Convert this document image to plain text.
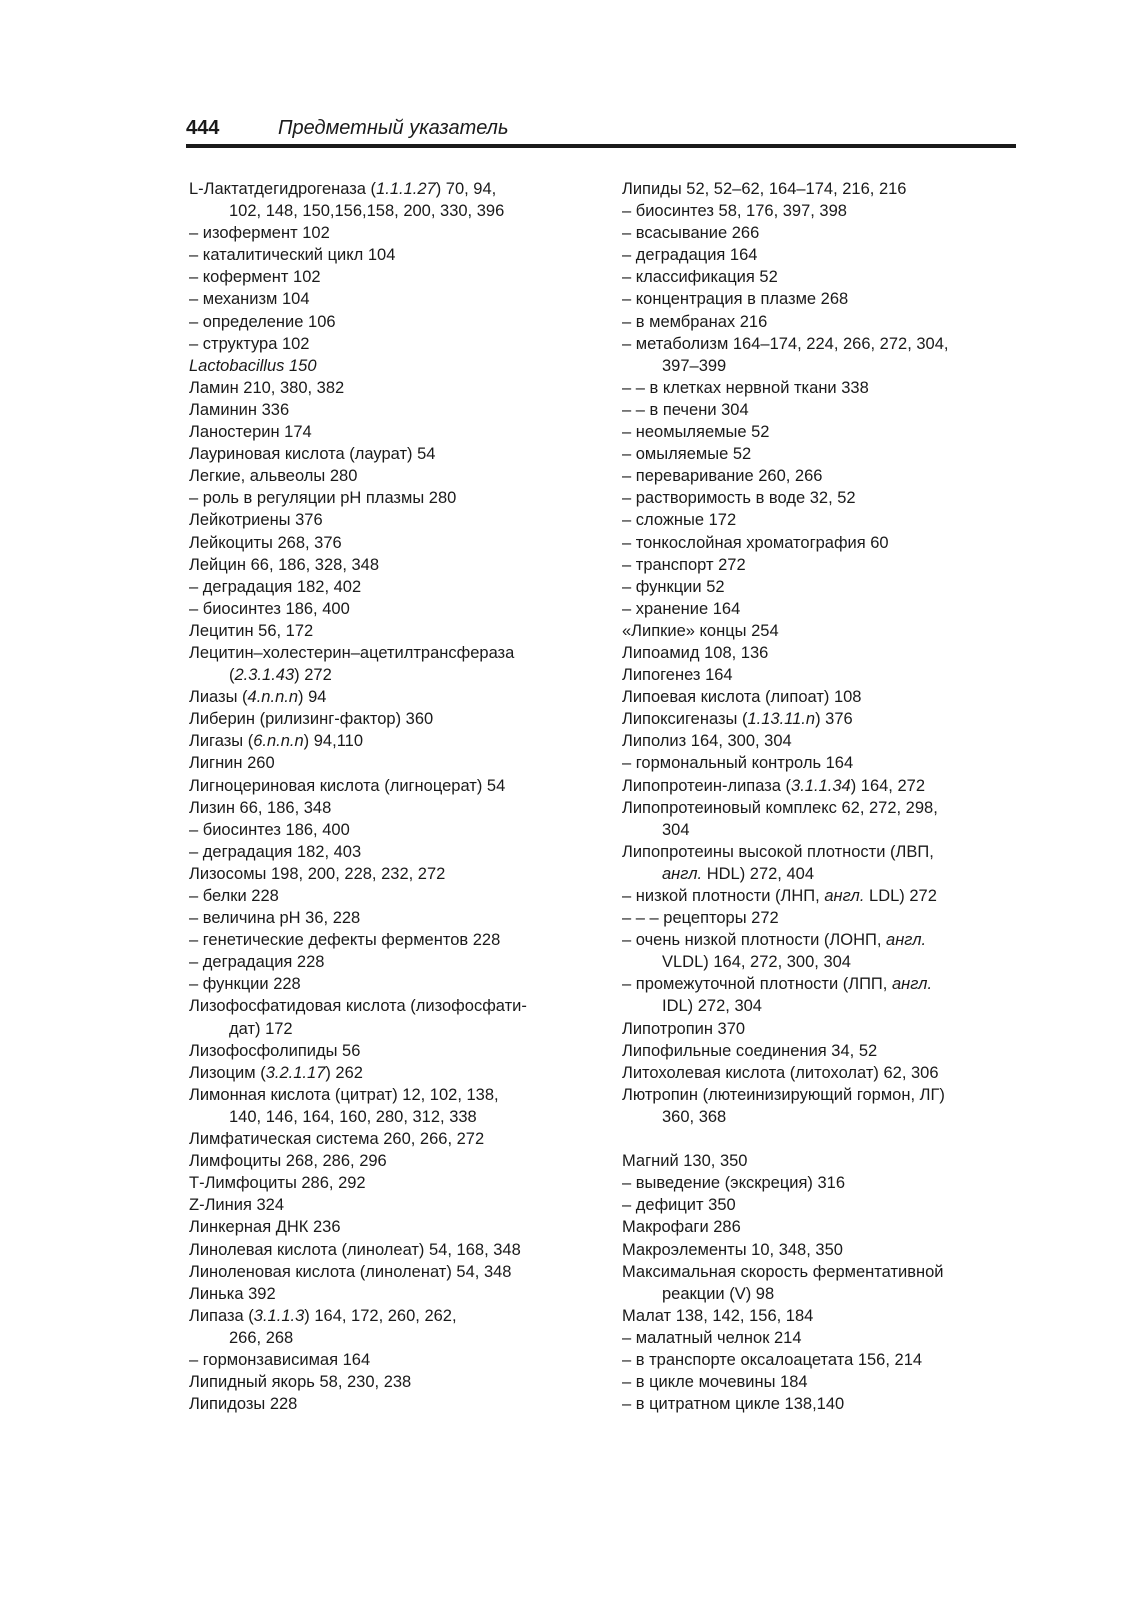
444	Предметный указатель
L-Лактатдегидрогеназа (1.1.1.27) 70, 94,
102, 148, 150,156,158, 200, 330, 396
– изофермент 102
– каталитический цикл 104
– кофермент 102
– механизм 104
– определение 106
– структура 102
Lactobacillus 150
Ламин 210, 380, 382
Ламинин 336
Ланостерин 174
Лауриновая кислота (лаурат) 54
Легкие, альвеолы 280
– роль в регуляции pH плазмы 280
Лейкотриены 376
Лейкоциты 268, 376
Лейцин 66, 186, 328, 348
– деградация 182, 402
– биосинтез 186, 400
Лецитин 56, 172
Лецитин–холестерин–ацетилтрансфераза
(2.3.1.43) 272
Лиазы (4.n.n.n) 94
Либерин (рилизинг-фактор) 360
Лигазы (6.n.n.n) 94,110
Лигнин 260
Лигноцериновая кислота (лигноцерат) 54
Лизин 66, 186, 348
– биосинтез 186, 400
– деградация 182, 403
Лизосомы 198, 200, 228, 232, 272
– белки 228
– величина pH 36, 228
– генетические дефекты ферментов 228
– деградация 228
– функции 228
Лизофосфатидовая кислота (лизофосфати-
дат) 172
Лизофосфолипиды 56
Лизоцим (3.2.1.17) 262
Лимонная кислота (цитрат) 12, 102, 138,
140, 146, 164, 160, 280, 312, 338
Лимфатическая система 260, 266, 272
Лимфоциты 268, 286, 296
Т-Лимфоциты 286, 292
Z-Линия 324
Линкерная ДНК 236
Линолевая кислота (линолеат) 54, 168, 348
Линоленовая кислота (линоленат) 54, 348
Линька 392
Липаза (3.1.1.3) 164, 172, 260, 262,
266, 268
– гормонзависимая 164
Липидный якорь 58, 230, 238
Липидозы 228
Липиды 52, 52–62, 164–174, 216, 216
– биосинтез 58, 176, 397, 398
– всасывание 266
– деградация 164
– классификация 52
– концентрация в плазме 268
– в мембранах 216
– метаболизм 164–174, 224, 266, 272, 304,
397–399
– – в клетках нервной ткани 338
– – в печени 304
– неомыляемые 52
– омыляемые 52
– переваривание 260, 266
– растворимость в воде 32, 52
– сложные 172
– тонкослойная хроматография 60
– транспорт 272
– функции 52
– хранение 164
«Липкие» концы 254
Липоамид 108, 136
Липогенез 164
Липоевая кислота (липоат) 108
Липоксигеназы (1.13.11.n) 376
Липолиз 164, 300, 304
– гормональный контроль 164
Липопротеин-липаза (3.1.1.34) 164, 272
Липопротеиновый комплекс 62, 272, 298,
304
Липопротеины высокой плотности (ЛВП,
англ. HDL) 272, 404
– низкой плотности (ЛНП, англ. LDL) 272
– – – рецепторы 272
– очень низкой плотности (ЛОНП, англ.
VLDL) 164, 272, 300, 304
– промежуточной плотности (ЛПП, англ.
IDL) 272, 304
Липотропин 370
Липофильные соединения 34, 52
Литохолевая кислота (литохолат) 62, 306
Лютропин (лютеинизирующий гормон, ЛГ)
360, 368
Магний 130, 350
– выведение (экскреция) 316
– дефицит 350
Макрофаги 286
Макроэлементы 10, 348, 350
Максимальная скорость ферментативной
реакции (V) 98
Малат 138, 142, 156, 184
– малатный челнок 214
– в транспорте оксалоацетата 156, 214
– в цикле мочевины 184
– в цитратном цикле 138,140
